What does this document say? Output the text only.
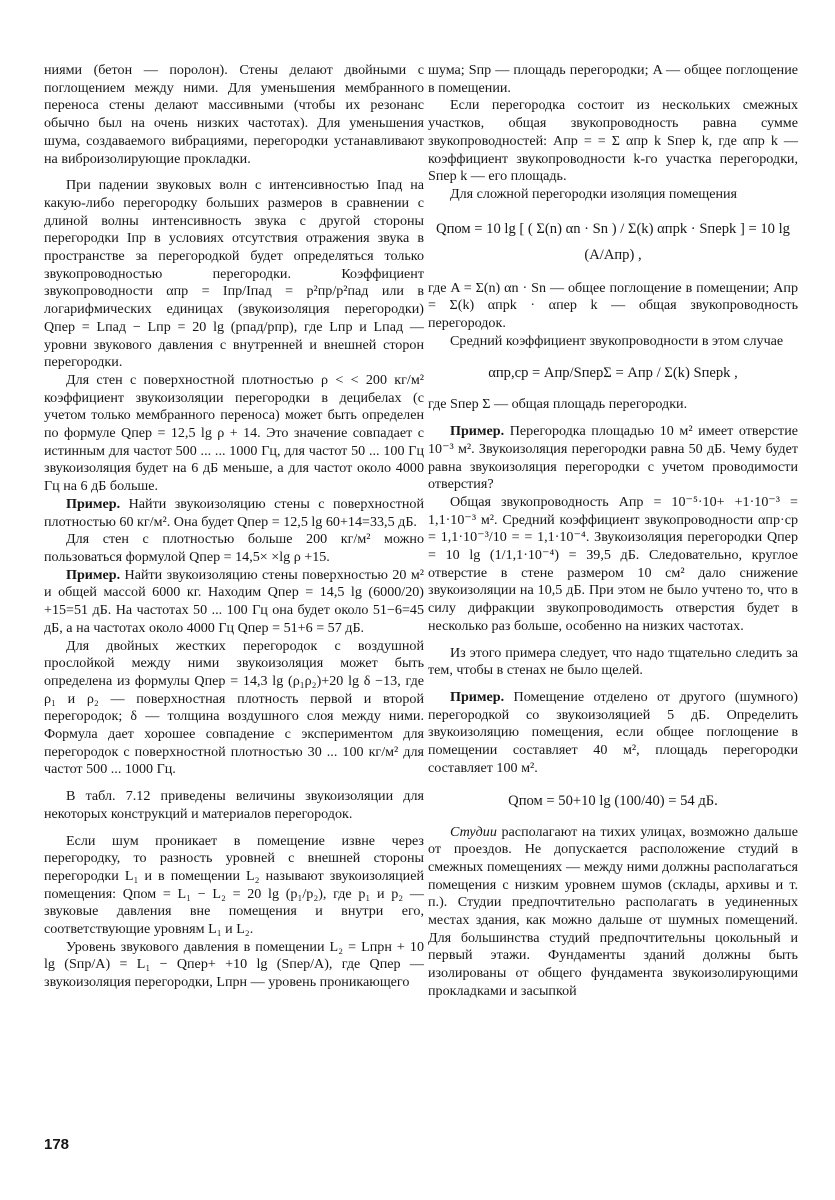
ниями (бетон — поролон). Стены делают двойными с поглощением между ними. Для уменьшения мембранного переноса стены делают массивными (чтобы их резонанс обычно был на очень низких частотах). Для уменьшения шума, создаваемого вибрациями, перегородки устанавливают на виброизолирующие прокладки.

При падении звуковых волн с интенсивностью Iпад на какую-либо перегородку больших размеров в сравнении с длиной волны интенсивность звука с другой стороны перегородки Iпр в условиях отсутствия отражения звука в пространстве за перегородкой будет определяться только звукопроводностью перегородки. Коэффициент звукопроводности αпр = Iпр/Iпад = p²пр/p²пад или в логарифмических единицах (звукоизоляция перегородки) Qпер = Lпад − Lпр = 20 lg (pпад/pпр), где Lпр и Lпад — уровни звукового давления с внутренней и внешней сторон перегородки.

Для стен с поверхностной плотностью ρ < < 200 кг/м² коэффициент звукоизоляции перегородки в децибелах (с учетом только мембранного переноса) может быть определен по формуле Qпер = 12,5 lg ρ + 14. Это значение совпадает с истинным для частот 500 ... ... 1000 Гц, для частот 50 ... 100 Гц звукоизоляция будет на 6 дБ меньше, а для частот около 4000 Гц на 6 дБ больше.

Пример. Найти звукоизоляцию стены с поверхностной плотностью 60 кг/м². Она будет Qпер = 12,5 lg 60+14=33,5 дБ.

Для стен с плотностью больше 200 кг/м² можно пользоваться формулой Qпер = 14,5× ×lg ρ +15.

Пример. Найти звукоизоляцию стены поверхностью 20 м² и общей массой 6000 кг. Находим Qпер = 14,5 lg (6000/20) +15=51 дБ. На частотах 50 ... 100 Гц она будет около 51−6=45 дБ, а на частотах около 4000 Гц Qпер = 51+6 = 57 дБ.

Для двойных жестких перегородок с воздушной прослойкой между ними звукоизоляция может быть определена из формулы Qпер = 14,3 lg (ρ₁ρ₂)+20 lg δ −13, где ρ₁ и ρ₂ — поверхностная плотность первой и второй перегородок; δ — толщина воздушного слоя между ними. Формула дает хорошее совпадение с экспериментом для перегородок с поверхностной плотностью 30 ... 100 кг/м² для частот 500 ... 1000 Гц.

В табл. 7.12 приведены величины звукоизоляции для некоторых конструкций и материалов перегородок.

Если шум проникает в помещение извне через перегородку, то разность уровней с внешней стороны перегородки L₁ и в помещении L₂ называют звукоизоляцией помещения: Qпом = L₁ − L₂ = 20 lg (p₁/p₂), где p₁ и p₂ — звуковые давления вне помещения и внутри его, соответствующие уровням L₁ и L₂.

Уровень звукового давления в помещении L₂ = Lпрн + 10 lg (Sпр/A) = L₁ − Qпер+ +10 lg (Sпер/A), где Qпер — звукоизоляция перегородки, Lпрн — уровень проникающего

шума; Sпр — площадь перегородки; A — общее поглощение в помещении.

Если перегородка состоит из нескольких смежных участков, общая звукопроводность равна сумме звукопроводностей: Aпр = = Σ αпр k Sпер k, где αпр k — коэффициент звукопроводности k-го участка перегородки, Sпер k — его площадь.

Для сложной перегородки изоляция помещения

Qпом = 10 lg [ ( Σ(n) αn · Sn ) / Σ(k) αпрk · Sперk ] = 10 lg (A/Aпр) ,

где A = Σ(n) αn · Sn — общее поглощение в помещении; Aпр = Σ(k) αпрk · αпер k — общая звукопроводность перегородок.

Средний коэффициент звукопроводности в этом случае

αпр,ср = Aпр/SперΣ = Aпр / Σ(k) Sперk ,

где Sпер Σ — общая площадь перегородки.

Пример. Перегородка площадью 10 м² имеет отверстие 10⁻³ м². Звукоизоляция перегородки равна 50 дБ. Чему будет равна звукоизоляция перегородки с учетом проводимости отверстия?

Общая звукопроводность Aпр = 10⁻⁵·10+ +1·10⁻³ = 1,1·10⁻³ м². Средний коэффициент звукопроводности αпр·ср = 1,1·10⁻³/10 = = 1,1·10⁻⁴. Звукоизоляция перегородки Qпер = 10 lg (1/1,1·10⁻⁴) = 39,5 дБ. Следовательно, круглое отверстие в стене размером 10 см² дало снижение звукоизоляции на 10,5 дБ. При этом не было учтено то, что в силу дифракции звукопроводимость отверстия будет в несколько раз больше, особенно на низких частотах.

Из этого примера следует, что надо тщательно следить за тем, чтобы в стенах не было щелей.

Пример. Помещение отделено от другого (шумного) перегородкой со звукоизоляцией 5 дБ. Определить звукоизоляцию помещения, если общее поглощение в помещении составляет 40 м², площадь перегородки составляет 100 м².

Qпом = 50+10 lg (100/40) = 54 дБ.

Студии располагают на тихих улицах, возможно дальше от проездов. Не допускается расположение студий в смежных помещениях — между ними должны располагаться помещения с низким уровнем шумов (склады, архивы и т. п.). Студии предпочтительно располагать в уединенных местах здания, как можно дальше от шумных помещений. Для большинства студий предпочтительны цокольный и первый этажи. Фундаменты зданий должны быть изолированы от общего фундамента звукоизолирующими прокладками и засыпкой

178
